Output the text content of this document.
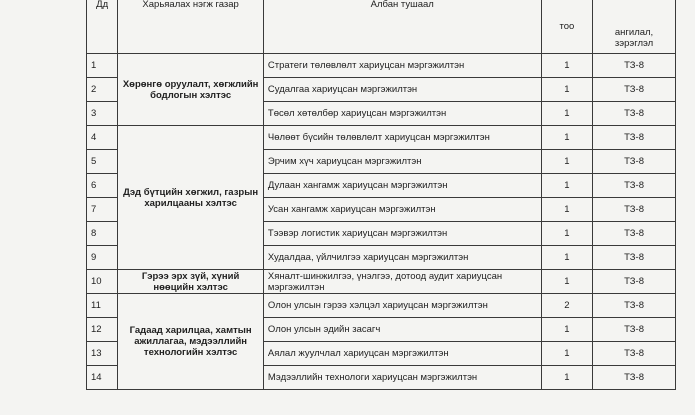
Дд	Харьяалах нэгж газар	Албан тушаал	тоо	ангилал, зэрэглэл
1	Хөрөнгө оруулалт, хөгжлийн бодлогын хэлтэс	Стратеги төлөвлөлт хариуцсан мэргэжилтэн	1	ТЗ-8
2		Судалгаа хариуцсан мэргэжилтэн	1	ТЗ-8
3		Төсөл хөтөлбөр хариуцсан мэргэжилтэн	1	ТЗ-8
4	Дэд бүтцийн хөгжил, газрын харилцааны хэлтэс	Чөлөөт бүсийн төлөвлөлт хариуцсан мэргэжилтэн	1	ТЗ-8
5		Эрчим хүч хариуцсан мэргэжилтэн	1	ТЗ-8
6		Дулаан хангамж хариуцсан мэргэжилтэн	1	ТЗ-8
7		Усан хангамж хариуцсан мэргэжилтэн	1	ТЗ-8
8		Тээвэр логистик хариуцсан мэргэжилтэн	1	ТЗ-8
9		Худалдаа, үйлчилгээ хариуцсан мэргэжилтэн	1	ТЗ-8
10	Гэрээ эрх зүй, хүний нөөцийн хэлтэс	Хяналт-шинжилгээ, үнэлгээ, дотоод аудит хариуцсан мэргэжилтэн	1	ТЗ-8
11	Гадаад харилцаа, хамтын ажиллагаа, мэдээллийн технологийн хэлтэс	Олон улсын гэрээ хэлцэл хариуцсан мэргэжилтэн	2	ТЗ-8
12		Олон улсын эдийн засагч	1	ТЗ-8
13		Аялал жуулчлал хариуцсан мэргэжилтэн	1	ТЗ-8
14		Мэдээллийн технологи хариуцсан мэргэжилтэн	1	ТЗ-8
